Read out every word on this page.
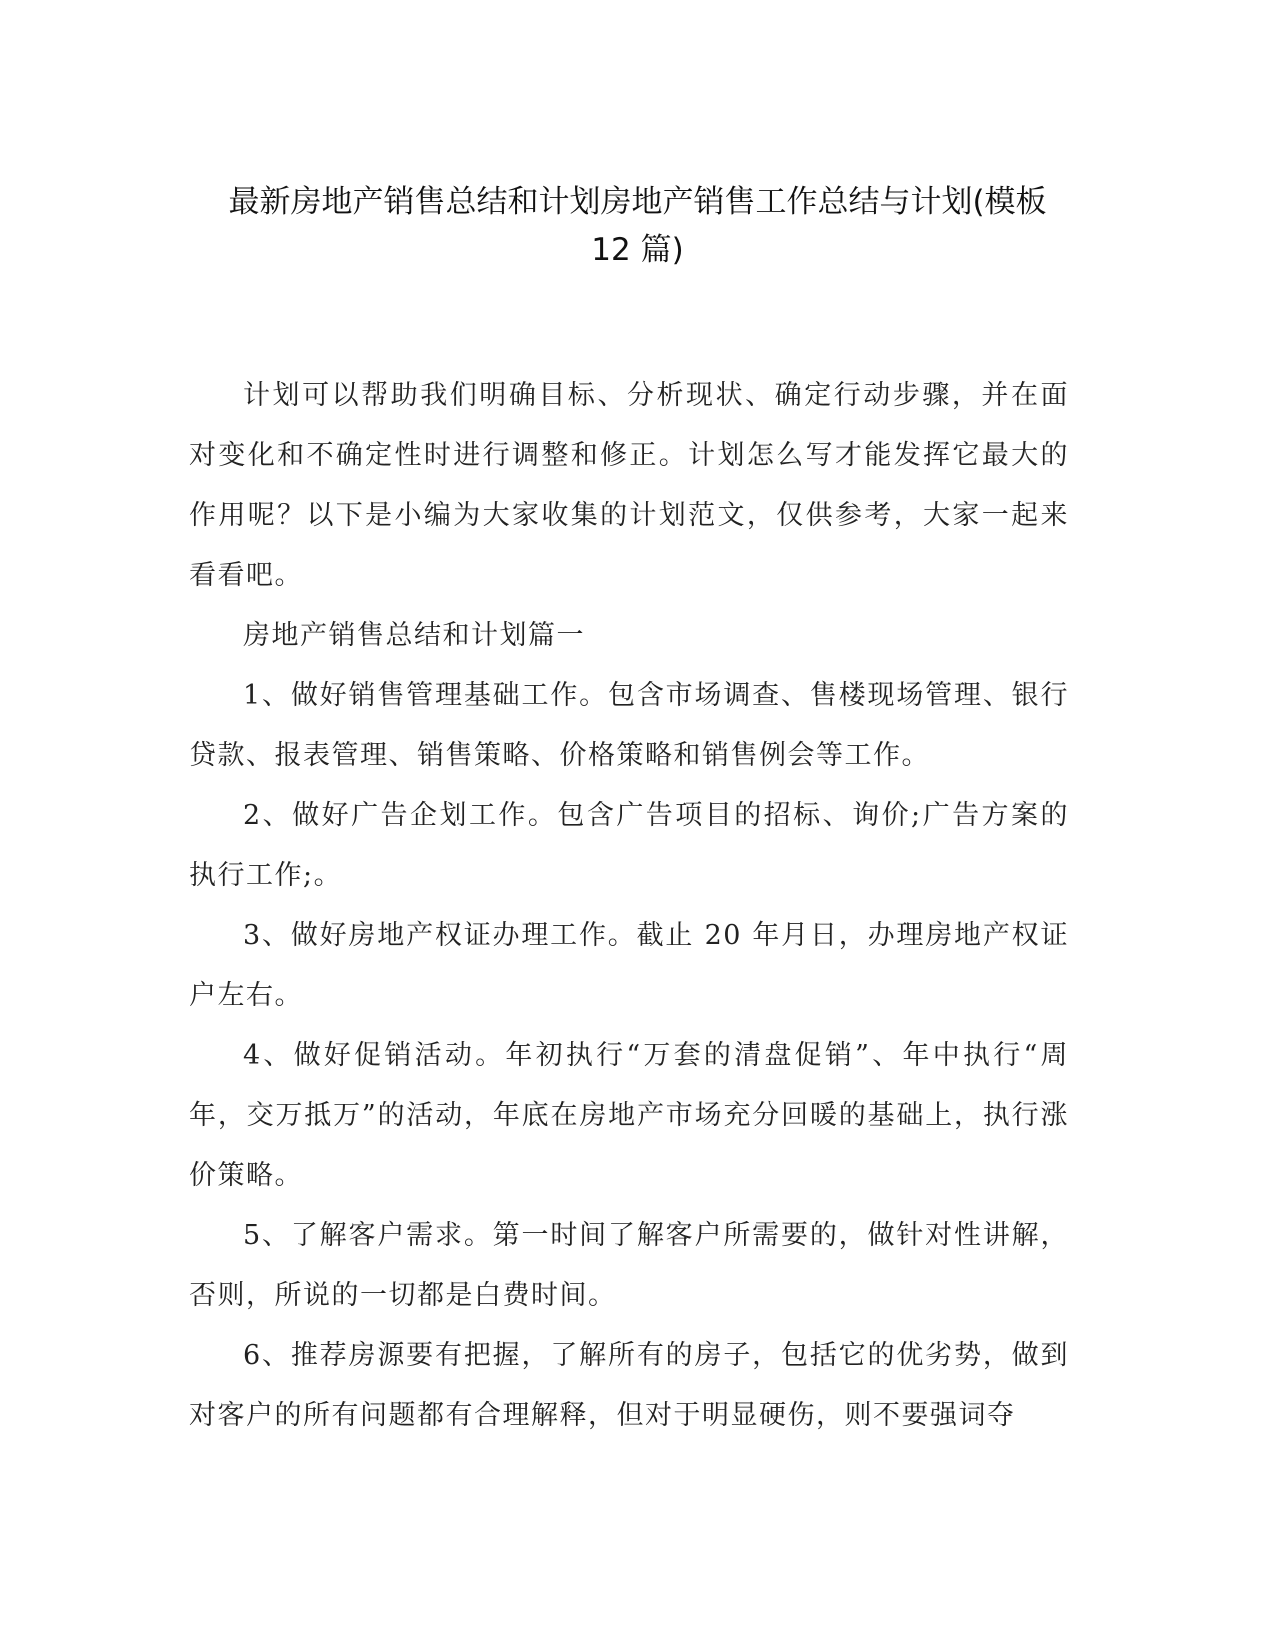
最新房地产销售总结和计划房地产销售工作总结与计划(模板
12 篇)

计划可以帮助我们明确目标、分析现状、确定行动步骤，并在面对变化和不确定性时进行调整和修正。计划怎么写才能发挥它最大的作用呢？以下是小编为大家收集的计划范文，仅供参考，大家一起来看看吧。

房地产销售总结和计划篇一

1、做好销售管理基础工作。包含市场调查、售楼现场管理、银行贷款、报表管理、销售策略、价格策略和销售例会等工作。

2、做好广告企划工作。包含广告项目的招标、询价;广告方案的执行工作;。

3、做好房地产权证办理工作。截止 20 年月日，办理房地产权证户左右。

4、做好促销活动。年初执行“万套的清盘促销”、年中执行“周年，交万抵万”的活动，年底在房地产市场充分回暖的基础上，执行涨价策略。

5、了解客户需求。第一时间了解客户所需要的，做针对性讲解，否则，所说的一切都是白费时间。

6、推荐房源要有把握，了解所有的房子，包括它的优劣势，做到对客户的所有问题都有合理解释，但对于明显硬伤，则不要强词夺
